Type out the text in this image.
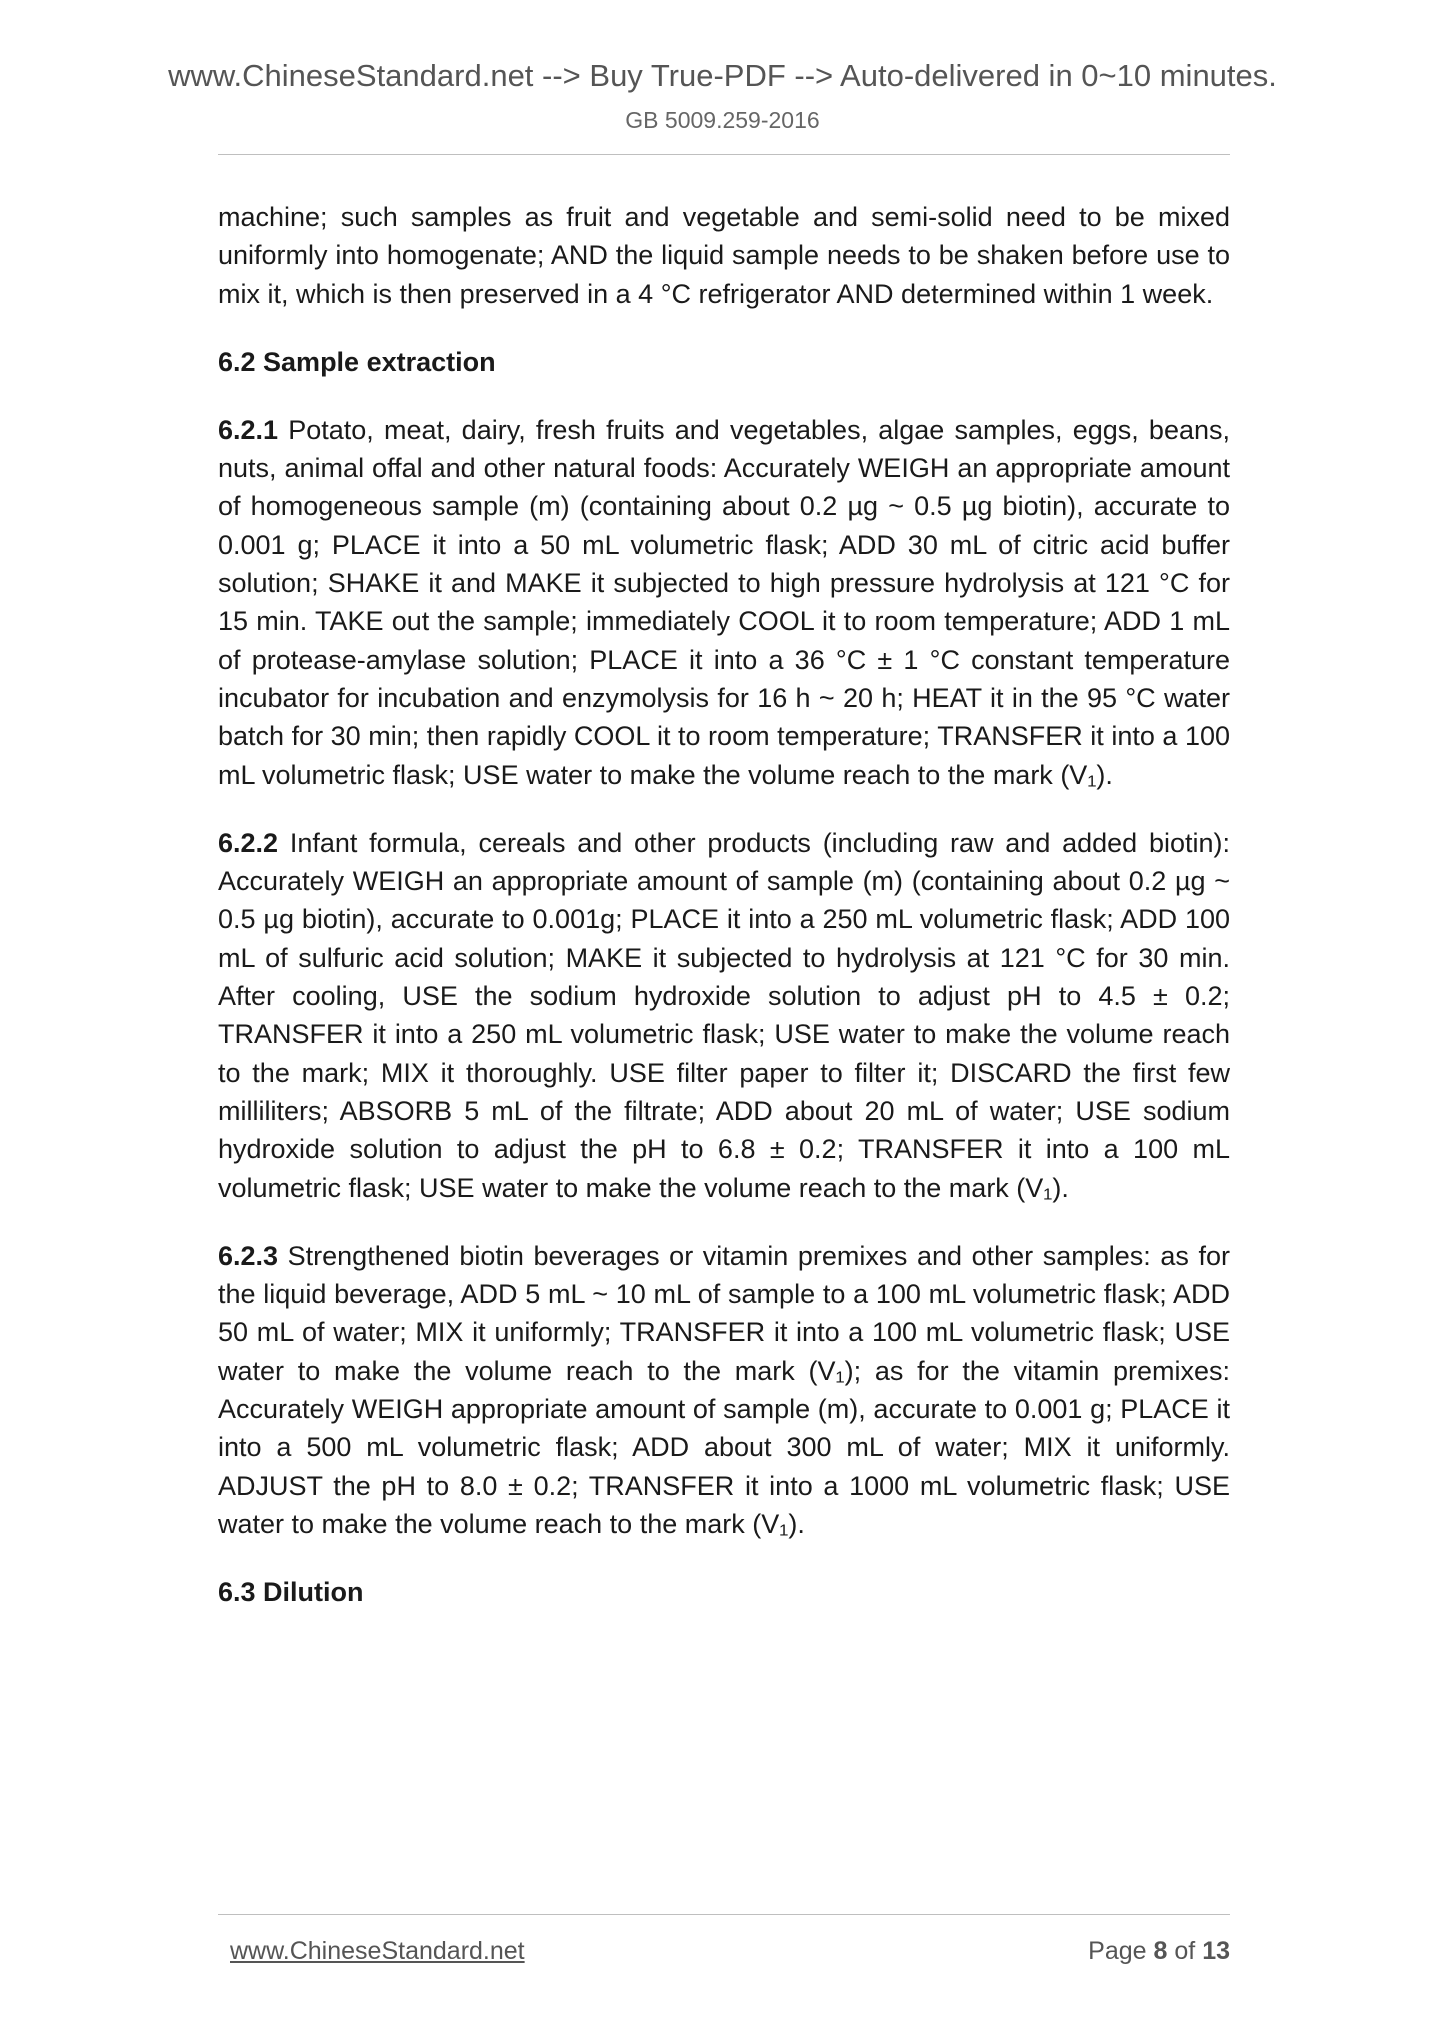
www.ChineseStandard.net --> Buy True-PDF --> Auto-delivered in 0~10 minutes.
GB 5009.259-2016

machine; such samples as fruit and vegetable and semi-solid need to be mixed uniformly into homogenate; AND the liquid sample needs to be shaken before use to mix it, which is then preserved in a 4 °C refrigerator AND determined within 1 week.

6.2 Sample extraction

6.2.1 Potato, meat, dairy, fresh fruits and vegetables, algae samples, eggs, beans, nuts, animal offal and other natural foods: Accurately WEIGH an appropriate amount of homogeneous sample (m) (containing about 0.2 µg ~ 0.5 µg biotin), accurate to 0.001 g; PLACE it into a 50 mL volumetric flask; ADD 30 mL of citric acid buffer solution; SHAKE it and MAKE it subjected to high pressure hydrolysis at 121 °C for 15 min. TAKE out the sample; immediately COOL it to room temperature; ADD 1 mL of protease-amylase solution; PLACE it into a 36 °C ± 1 °C constant temperature incubator for incubation and enzymolysis for 16 h ~ 20 h; HEAT it in the 95 °C water batch for 30 min; then rapidly COOL it to room temperature; TRANSFER it into a 100 mL volumetric flask; USE water to make the volume reach to the mark (V₁).

6.2.2 Infant formula, cereals and other products (including raw and added biotin): Accurately WEIGH an appropriate amount of sample (m) (containing about 0.2 µg ~ 0.5 µg biotin), accurate to 0.001g; PLACE it into a 250 mL volumetric flask; ADD 100 mL of sulfuric acid solution; MAKE it subjected to hydrolysis at 121 °C for 30 min. After cooling, USE the sodium hydroxide solution to adjust pH to 4.5 ± 0.2; TRANSFER it into a 250 mL volumetric flask; USE water to make the volume reach to the mark; MIX it thoroughly. USE filter paper to filter it; DISCARD the first few milliliters; ABSORB 5 mL of the filtrate; ADD about 20 mL of water; USE sodium hydroxide solution to adjust the pH to 6.8 ± 0.2; TRANSFER it into a 100 mL volumetric flask; USE water to make the volume reach to the mark (V₁).

6.2.3 Strengthened biotin beverages or vitamin premixes and other samples: as for the liquid beverage, ADD 5 mL ~ 10 mL of sample to a 100 mL volumetric flask; ADD 50 mL of water; MIX it uniformly; TRANSFER it into a 100 mL volumetric flask; USE water to make the volume reach to the mark (V₁); as for the vitamin premixes: Accurately WEIGH appropriate amount of sample (m), accurate to 0.001 g; PLACE it into a 500 mL volumetric flask; ADD about 300 mL of water; MIX it uniformly. ADJUST the pH to 8.0 ± 0.2; TRANSFER it into a 1000 mL volumetric flask; USE water to make the volume reach to the mark (V₁).

6.3 Dilution
www.ChineseStandard.net	Page 8 of 13
